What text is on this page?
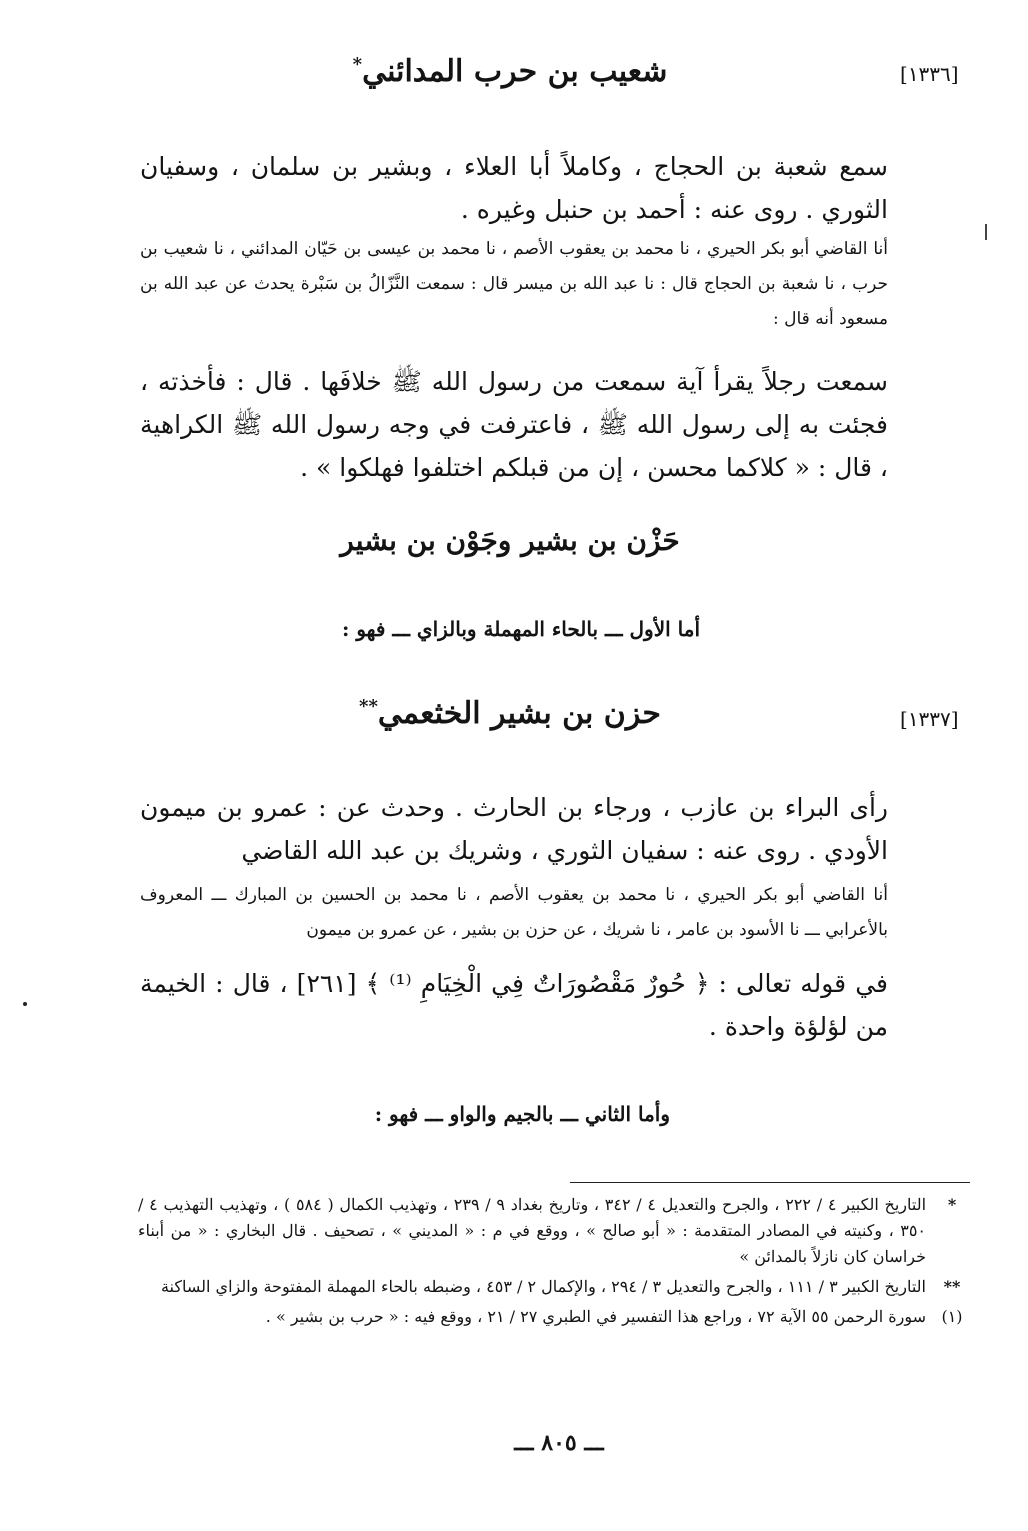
[١٣٣٦]
شعيب بن حرب المدائني*
سمع شعبة بن الحجاج ، وكاملاً أبا العلاء ، وبشير بن سلمان ، وسفيان الثوري . روى عنه : أحمد بن حنبل وغيره .
أنا القاضي أبو بكر الحيري ، نا محمد بن يعقوب الأصم ، نا محمد بن عيسى بن حَيّان المدائني ، نا شعيب بن حرب ، نا شعبة بن الحجاج قال : نا عبد الله بن ميسر قال : سمعت النَّزّالُ بن سَبْرة يحدث عن عبد الله بن مسعود أنه قال :
سمعت رجلاً يقرأ آية سمعت من رسول الله ﷺ خلافَها . قال : فأخذته ، فجئت به إلى رسول الله ﷺ ، فاعترفت في وجه رسول الله ﷺ الكراهية ، قال : « كلاكما محسن ، إن من قبلكم اختلفوا فهلكوا » .
حَزْن بن بشير وجَوْن بن بشير
أما الأول ـــ بالحاء المهملة وبالزاي ـــ فهو :
[١٣٣٧]
حزن بن بشير الخثعمي**
رأى البراء بن عازب ، ورجاء بن الحارث . وحدث عن : عمرو بن ميمون الأودي . روى عنه : سفيان الثوري ، وشريك بن عبد الله القاضي
أنا القاضي أبو بكر الحيري ، نا محمد بن يعقوب الأصم ، نا محمد بن الحسين بن المبارك ـــ المعروف بالأعرابي ـــ نا الأسود بن عامر ، نا شريك ، عن حزن بن بشير ، عن عمرو بن ميمون
في قوله تعالى : ﴿ حُورٌ مَقْصُورَاتٌ فِي الْخِيَامِ ⁽¹⁾ ﴾ [٢٦١] ، قال : الخيمة من لؤلؤة واحدة .
وأما الثاني ـــ بالجيم والواو ـــ فهو :
*
التاريخ الكبير ٤ / ٢٢٢ ، والجرح والتعديل ٤ / ٣٤٢ ، وتاريخ بغداد ٩ / ٢٣٩ ، وتهذيب الكمال ( ٥٨٤ ) ، وتهذيب التهذيب ٤ / ٣٥٠ ، وكنيته في المصادر المتقدمة : « أبو صالح » ، ووقع في م : « المديني » ، تصحيف . قال البخاري : « من أبناء خراسان كان نازلاً بالمدائن »
**
التاريخ الكبير ٣ / ١١١ ، والجرح والتعديل ٣ / ٢٩٤ ، والإكمال ٢ / ٤٥٣ ، وضبطه بالحاء المهملة المفتوحة والزاي الساكنة
(١)
سورة الرحمن ٥٥ الآية ٧٢ ، وراجع هذا التفسير في الطبري ٢٧ / ٢١ ، ووقع فيه : « حرب بن بشير » .
ـــ ٨٠٥ ـــ
